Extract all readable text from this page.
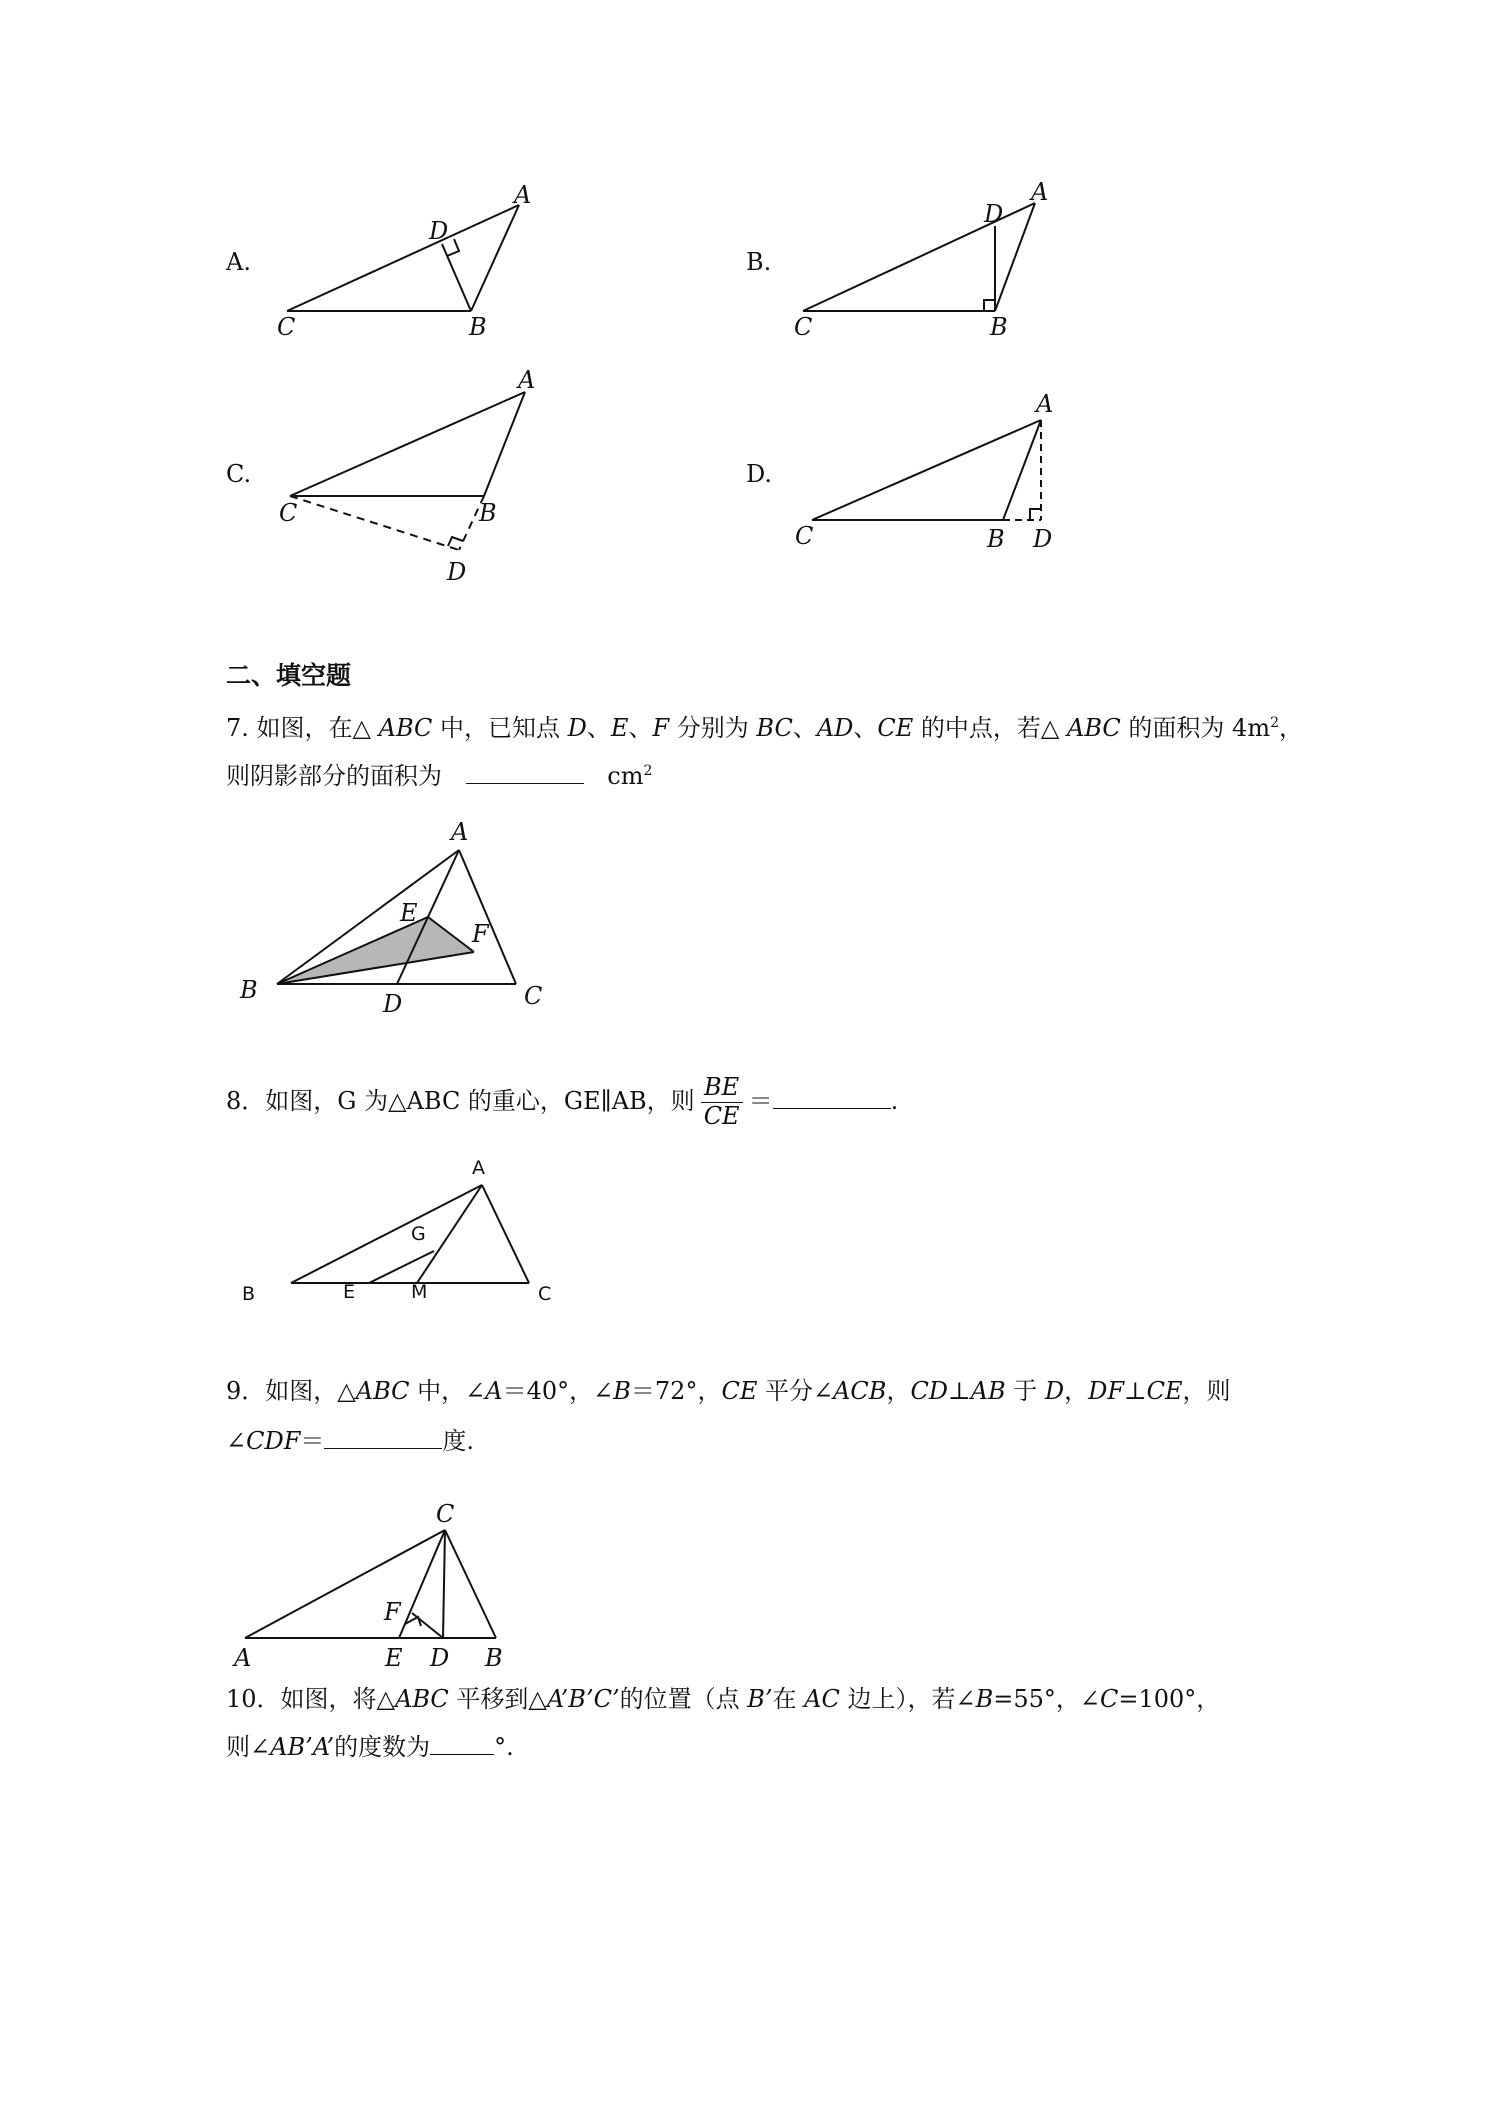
A.
A
D
C	B
B.
A
D
C	B
C.
A
C	B
D
D.
A
C	B D
二、填空题
7. 如图，在△ ABC 中，已知点 D、E、F 分别为 BC、AD、CE 的中点，若△ ABC 的面积为 $4m^2$，
则阴影部分的面积为	$cm^2$
A
E
F
B	D	C
8．如图，G 为△ABC 的重心，GE∥AB，则 $\frac{BE}{CE}$ ＝	.
A
G
B	E	M	C
9．如图，△ABC 中，∠A＝40°，∠B＝72°，CE 平分∠ACB，CD⊥AB 于 D，DF⊥CE，则
∠CDF＝	度.
C
F
A	E D B
10．如图，将△ABC 平移到△A’B’C’的位置（点 B’在 AC 边上），若∠B=55°，∠C=100°，
则∠AB’A’的度数为	°.
